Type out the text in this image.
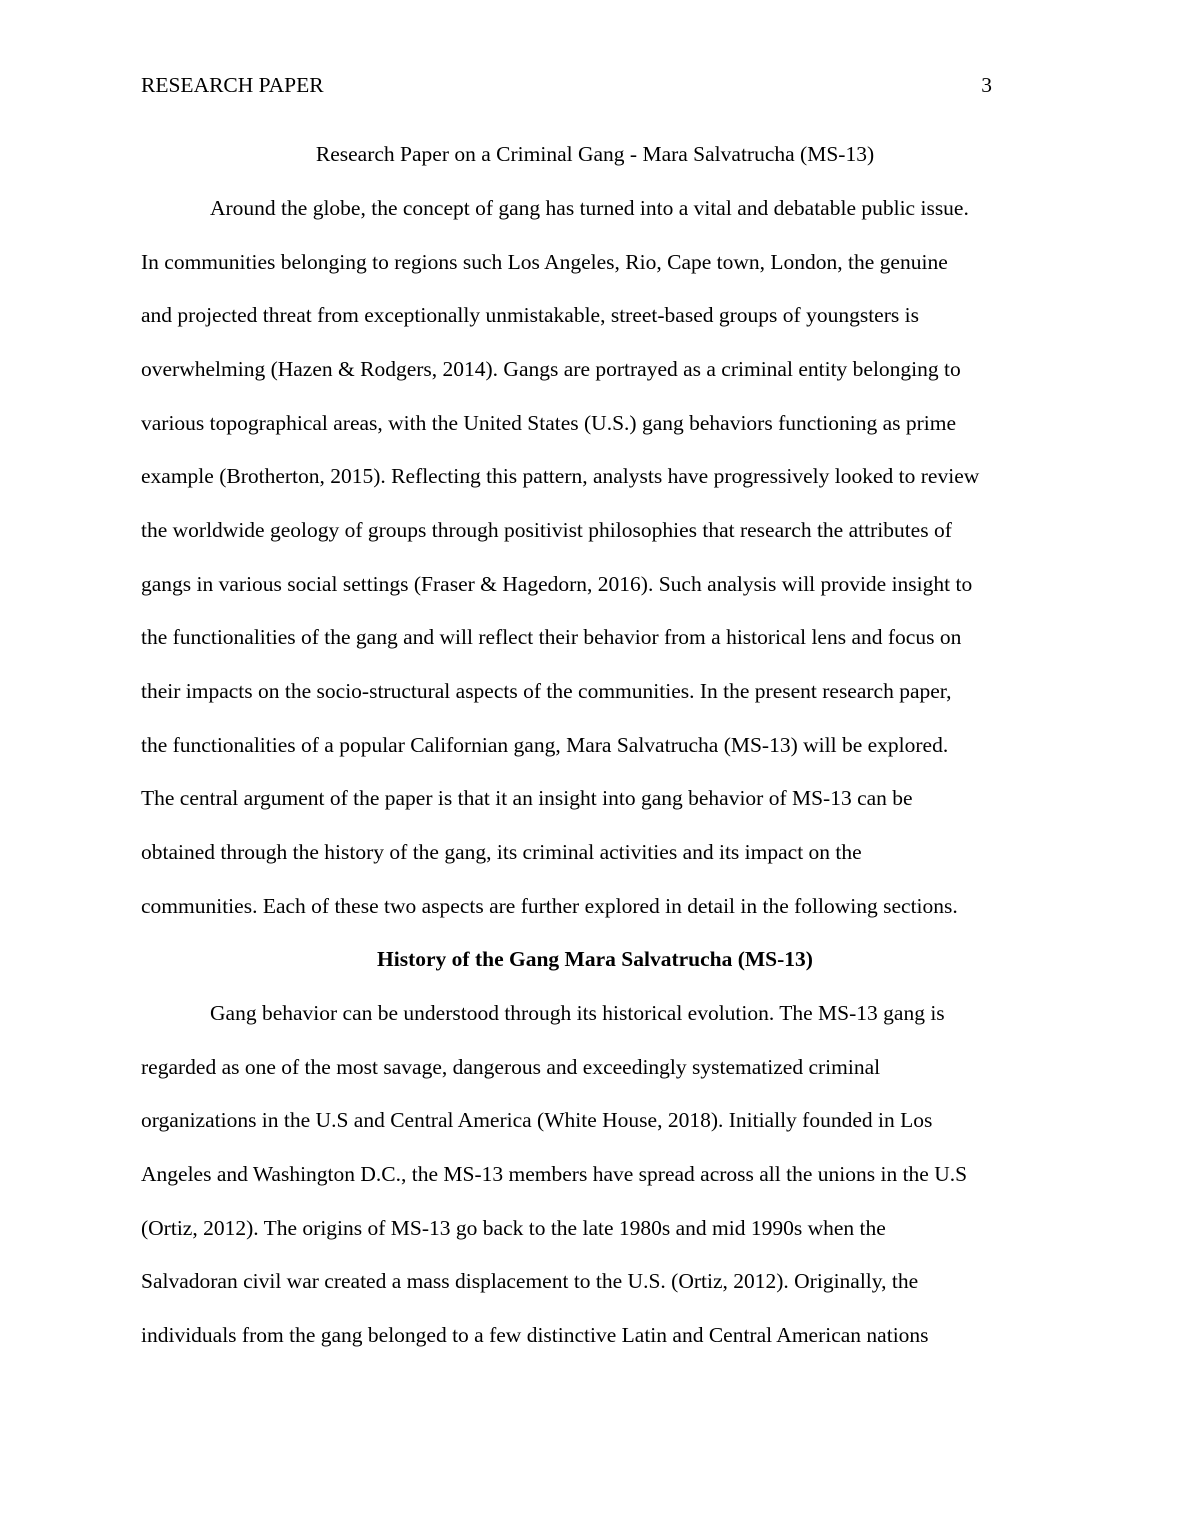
RESEARCH PAPER	3
Research Paper on a Criminal Gang - Mara Salvatrucha (MS-13)
Around the globe, the concept of gang has turned into a vital and debatable public issue.
In communities belonging to regions such Los Angeles, Rio, Cape town, London, the genuine
and projected threat from exceptionally unmistakable, street-based groups of youngsters is
overwhelming (Hazen & Rodgers, 2014). Gangs are portrayed as a criminal entity belonging to
various topographical areas, with the United States (U.S.) gang behaviors functioning as prime
example (Brotherton, 2015). Reflecting this pattern, analysts have progressively looked to review
the worldwide geology of groups through positivist philosophies that research the attributes of
gangs in various social settings (Fraser & Hagedorn, 2016). Such analysis will provide insight to
the functionalities of the gang and will reflect their behavior from a historical lens and focus on
their impacts on the socio-structural aspects of the communities. In the present research paper,
the functionalities of a popular Californian gang, Mara Salvatrucha (MS-13) will be explored.
The central argument of the paper is that it an insight into gang behavior of MS-13 can be
obtained through the history of the gang, its criminal activities and its impact on the
communities. Each of these two aspects are further explored in detail in the following sections.
History of the Gang Mara Salvatrucha (MS-13)
Gang behavior can be understood through its historical evolution. The MS-13 gang is
regarded as one of the most savage, dangerous and exceedingly systematized criminal
organizations in the U.S and Central America (White House, 2018). Initially founded in Los
Angeles and Washington D.C., the MS-13 members have spread across all the unions in the U.S
(Ortiz, 2012). The origins of MS-13 go back to the late 1980s and mid 1990s when the
Salvadoran civil war created a mass displacement to the U.S. (Ortiz, 2012). Originally, the
individuals from the gang belonged to a few distinctive Latin and Central American nations
